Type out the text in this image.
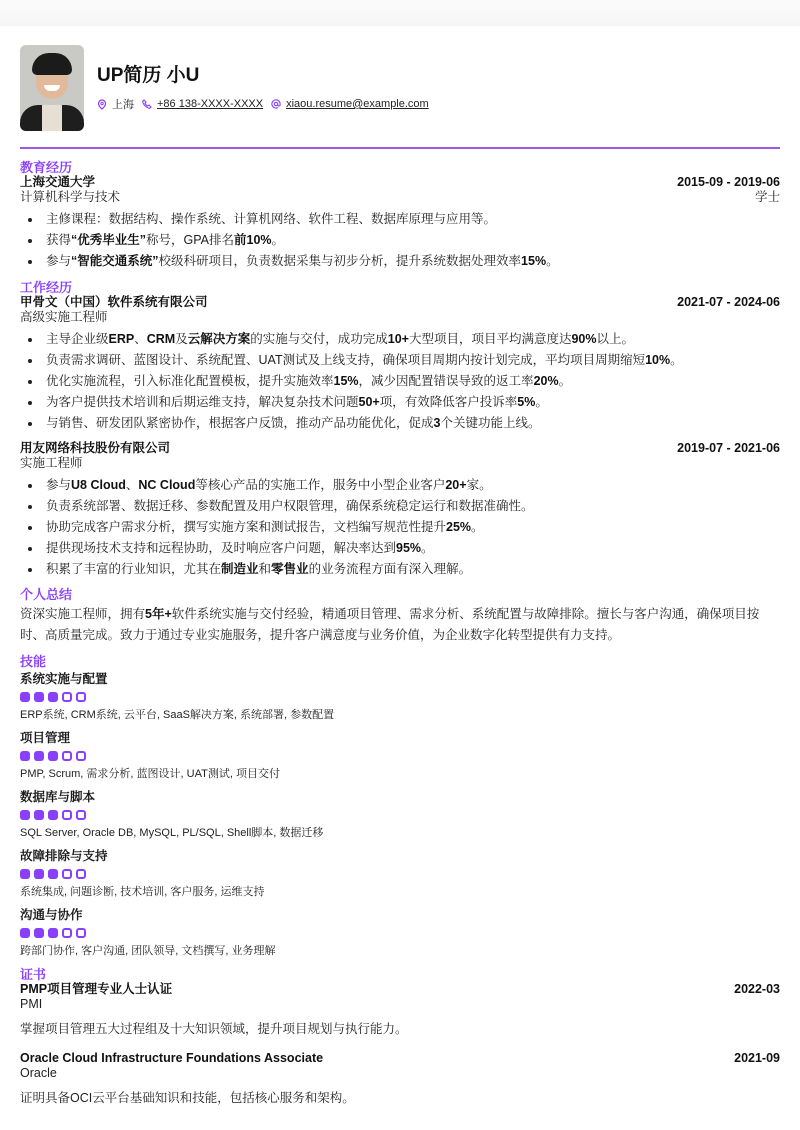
UP简历 小U
上海 +86 138-XXXX-XXXX xiaou.resume@example.com
教育经历
上海交通大学
计算机科学与技术
2015-09 - 2019-06
学士
主修课程：数据结构、操作系统、计算机网络、软件工程、数据库原理与应用等。
获得“优秀毕业生”称号，GPA排名前10%。
参与“智能交通系统”校级科研项目，负责数据采集与初步分析，提升系统数据处理效率15%。
工作经历
甲骨文（中国）软件系统有限公司
高级实施工程师
2021-07 - 2024-06
主导企业级ERP、CRM及云解决方案的实施与交付，成功完成10+大型项目，项目平均满意度达90%以上。
负责需求调研、蓝图设计、系统配置、UAT测试及上线支持，确保项目周期内按计划完成，平均项目周期缩短10%。
优化实施流程，引入标准化配置模板，提升实施效率15%，减少因配置错误导致的返工率20%。
为客户提供技术培训和后期运维支持，解决复杂技术问题50+项，有效降低客户投诉率5%。
与销售、研发团队紧密协作，根据客户反馈，推动产品功能优化，促成3个关键功能上线。
用友网络科技股份有限公司
实施工程师
2019-07 - 2021-06
参与U8 Cloud、NC Cloud等核心产品的实施工作，服务中小型企业客户20+家。
负责系统部署、数据迁移、参数配置及用户权限管理，确保系统稳定运行和数据准确性。
协助完成客户需求分析，撰写实施方案和测试报告，文档编写规范性提升25%。
提供现场技术支持和远程协助，及时响应客户问题，解决率达到95%。
积累了丰富的行业知识，尤其在制造业和零售业的业务流程方面有深入理解。
个人总结
资深实施工程师，拥有5年+软件系统实施与交付经验，精通项目管理、需求分析、系统配置与故障排除。擅长与客户沟通，确保项目按时、高质量完成。致力于通过专业实施服务，提升客户满意度与业务价值，为企业数字化转型提供有力支持。
技能
系统实施与配置
ERP系统, CRM系统, 云平台, SaaS解决方案, 系统部署, 参数配置
项目管理
PMP, Scrum, 需求分析, 蓝图设计, UAT测试, 项目交付
数据库与脚本
SQL Server, Oracle DB, MySQL, PL/SQL, Shell脚本, 数据迁移
故障排除与支持
系统集成, 问题诊断, 技术培训, 客户服务, 运维支持
沟通与协作
跨部门协作, 客户沟通, 团队领导, 文档撰写, 业务理解
证书
PMP项目管理专业人士认证
PMI
2022-03
掌握项目管理五大过程组及十大知识领域，提升项目规划与执行能力。
Oracle Cloud Infrastructure Foundations Associate
Oracle
2021-09
证明具备OCI云平台基础知识和技能，包括核心服务和架构。
